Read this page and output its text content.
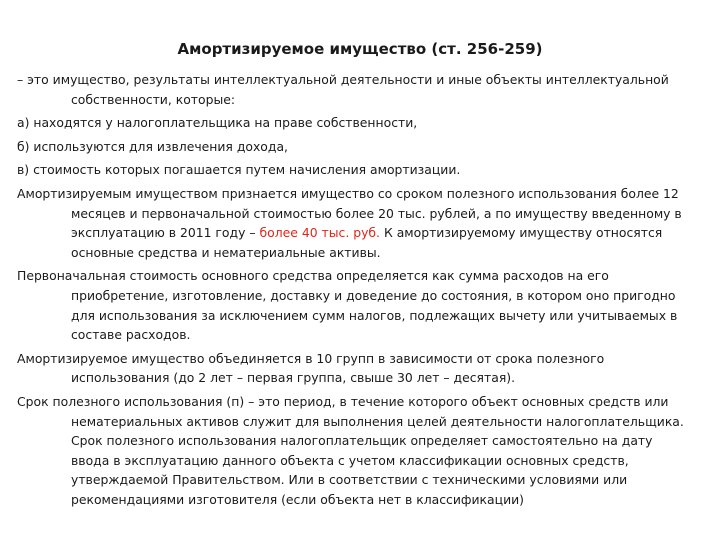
Амортизируемое имущество (ст. 256-259)

– это имущество, результаты интеллектуальной деятельности и иные объекты интеллектуальной собственности, которые:

а) находятся у налогоплательщика на праве собственности,

б) используются для извлечения дохода,

в) стоимость которых погашается путем начисления амортизации.

Амортизируемым имуществом признается имущество со сроком полезного использования более 12 месяцев и первоначальной стоимостью более 20 тыс. рублей, а по имуществу введенному в эксплуатацию в 2011 году – более 40 тыс. руб. К амортизируемому имуществу относятся основные средства и нематериальные активы.

Первоначальная стоимость основного средства определяется как сумма расходов на его приобретение, изготовление, доставку и доведение до состояния, в котором оно пригодно для использования за исключением сумм налогов, подлежащих вычету или учитываемых в составе расходов.

Амортизируемое имущество объединяется в 10 групп в зависимости от срока полезного использования (до 2 лет – первая группа, свыше 30 лет – десятая).

Срок полезного использования (п) – это период, в течение которого объект основных средств или нематериальных активов служит для выполнения целей деятельности налогоплательщика. Срок полезного использования налогоплательщик определяет самостоятельно на дату ввода в эксплуатацию данного объекта с учетом классификации основных средств, утверждаемой Правительством. Или в соответствии с техническими условиями или рекомендациями изготовителя (если объекта нет в классификации)
